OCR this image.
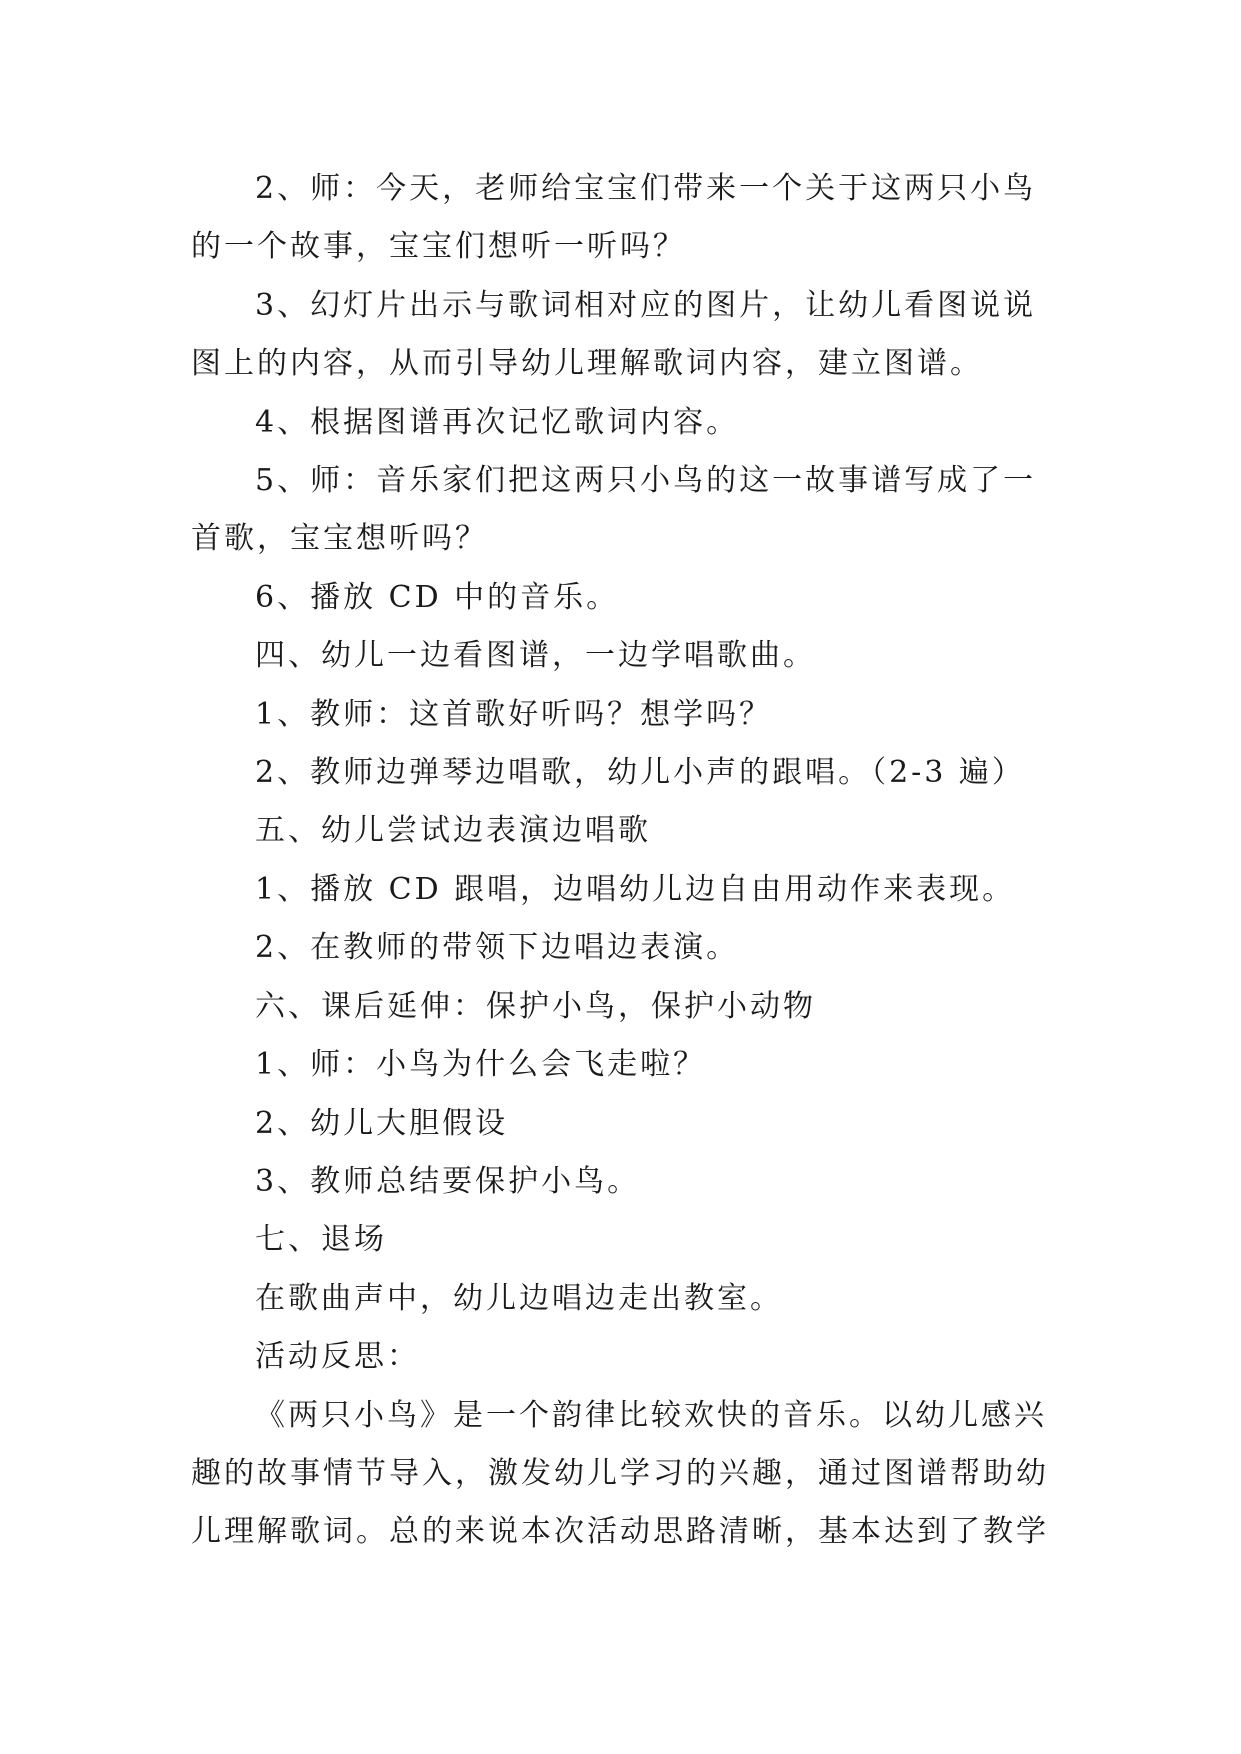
2、师：今天，老师给宝宝们带来一个关于这两只小鸟的一个故事，宝宝们想听一听吗？

3、幻灯片出示与歌词相对应的图片，让幼儿看图说说图上的内容，从而引导幼儿理解歌词内容，建立图谱。

4、根据图谱再次记忆歌词内容。

5、师：音乐家们把这两只小鸟的这一故事谱写成了一首歌，宝宝想听吗？

6、播放 CD 中的音乐。

四、幼儿一边看图谱，一边学唱歌曲。

1、教师：这首歌好听吗？想学吗？

2、教师边弹琴边唱歌，幼儿小声的跟唱。（2-3 遍）

五、幼儿尝试边表演边唱歌

1、播放 CD 跟唱，边唱幼儿边自由用动作来表现。

2、在教师的带领下边唱边表演。

六、课后延伸：保护小鸟，保护小动物

1、师：小鸟为什么会飞走啦？

2、幼儿大胆假设

3、教师总结要保护小鸟。

七、退场

在歌曲声中，幼儿边唱边走出教室。

活动反思：

《两只小鸟》是一个韵律比较欢快的音乐。以幼儿感兴趣的故事情节导入，激发幼儿学习的兴趣，通过图谱帮助幼儿理解歌词。总的来说本次活动思路清晰，基本达到了教学
